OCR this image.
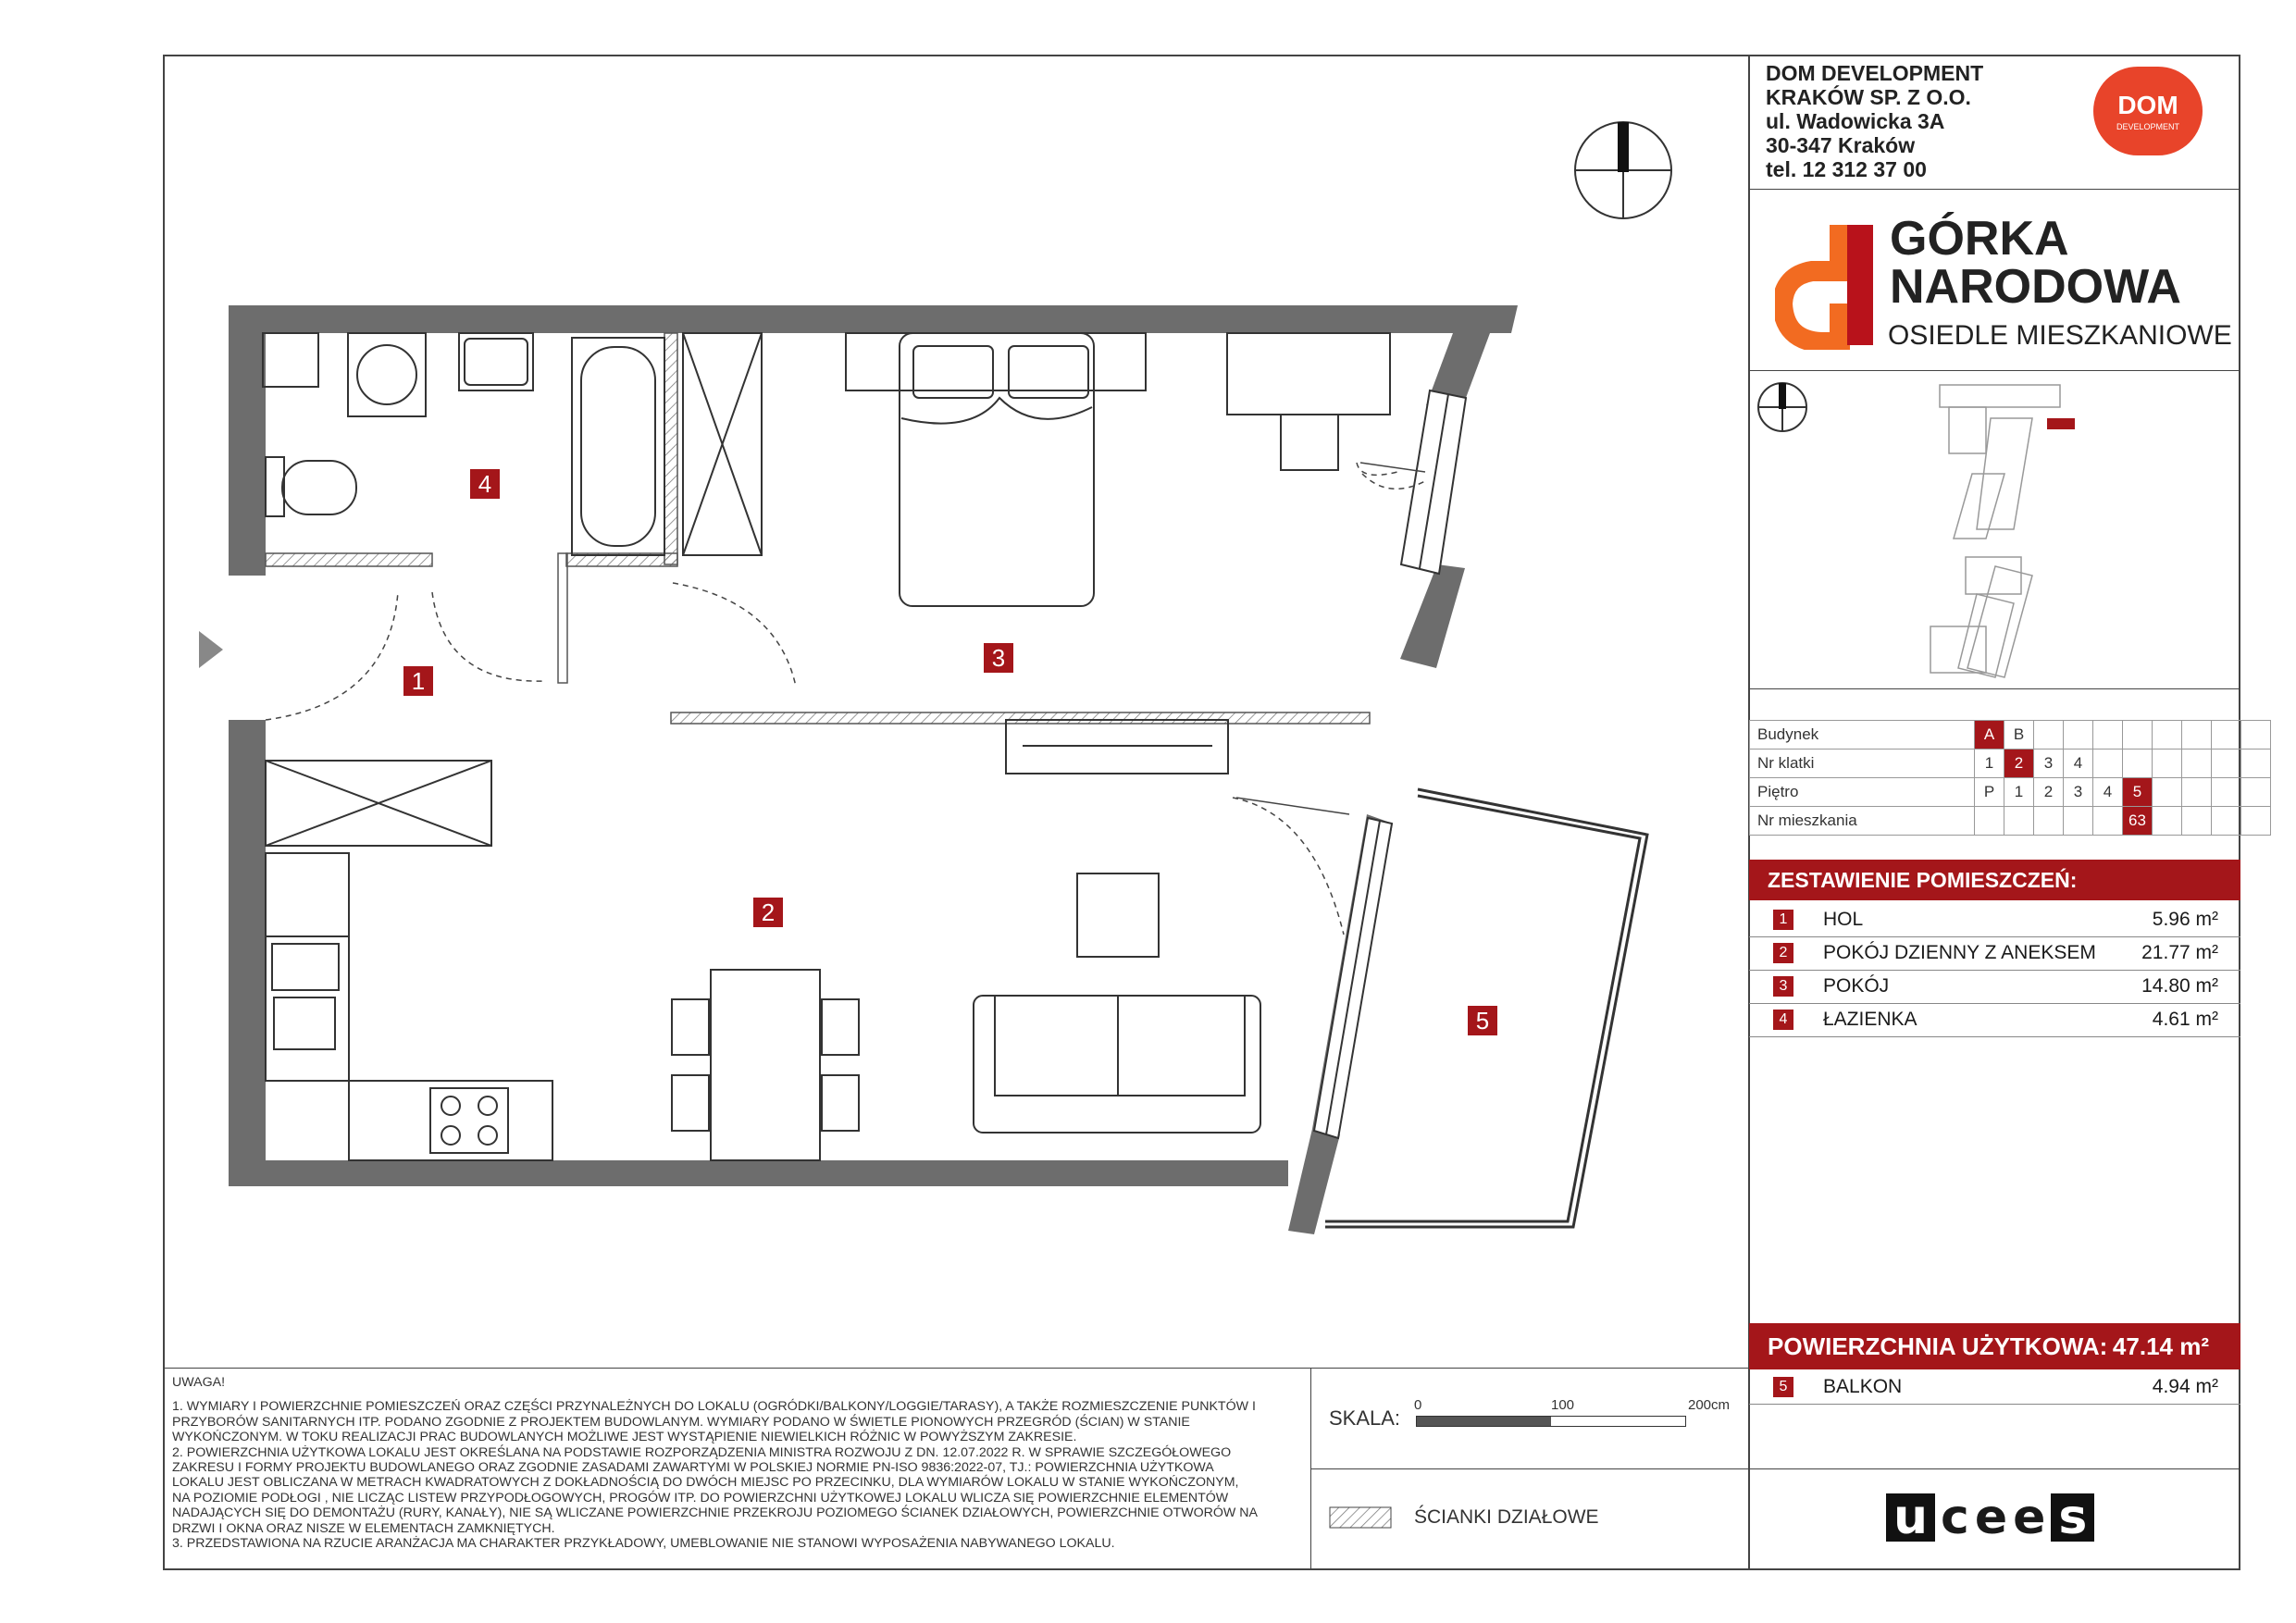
1
2
3
4
5
DOM DEVELOPMENT
KRAKÓW SP. Z O.O.
ul. Wadowicka 3A
30-347 Kraków
tel. 12 312 37 00
DOM
DEVELOPMENT
GÓRKA
NARODOWA
OSIEDLE MIESZKANIOWE
Budynek	A	B								
Nr klatki	1	2	3	4						
Piętro	P	1	2	3	4	5				
Nr mieszkania						63				
ZESTAWIENIE POMIESZCZEŃ:
1	HOL	5.96 m²
2	POKÓJ DZIENNY Z ANEKSEM 21.77 m²
3	POKÓJ	14.80 m²
4	ŁAZIENKA	4.61 m²
POWIERZCHNIA UŻYTKOWA: 47.14 m²
5	BALKON	4.94 m²
u c e e s
UWAGA!
1. WYMIARY I POWIERZCHNIE POMIESZCZEŃ ORAZ CZĘŚCI PRZYNALEŻNYCH DO LOKALU (OGRÓDKI/BALKONY/LOGGIE/TARASY), A TAKŻE ROZMIESZCZENIE PUNKTÓW I
PRZYBORÓW SANITARNYCH ITP. PODANO ZGODNIE Z PROJEKTEM BUDOWLANYM. WYMIARY PODANO W ŚWIETLE PIONOWYCH PRZEGRÓD (ŚCIAN) W STANIE
WYKOŃCZONYM. W TOKU REALIZACJI PRAC BUDOWLANYCH MOŻLIWE JEST WYSTĄPIENIE NIEWIELKICH RÓŻNIC W POWYŻSZYM ZAKRESIE.
2. POWIERZCHNIA UŻYTKOWA LOKALU JEST OKREŚLANA NA PODSTAWIE ROZPORZĄDZENIA MINISTRA ROZWOJU Z DN. 12.07.2022 R. W SPRAWIE SZCZEGÓŁOWEGO
ZAKRESU I FORMY PROJEKTU BUDOWLANEGO ORAZ ZGODNIE ZASADAMI ZAWARTYMI W POLSKIEJ NORMIE PN-ISO 9836:2022-07, TJ.: POWIERZCHNIA UŻYTKOWA
LOKALU JEST OBLICZANA W METRACH KWADRATOWYCH Z DOKŁADNOŚCIĄ DO DWÓCH MIEJSC PO PRZECINKU, DLA WYMIARÓW LOKALU W STANIE WYKOŃCZONYM,
NA POZIOMIE PODŁOGI , NIE LICZĄC LISTEW PRZYPODŁOGOWYCH, PROGÓW ITP. DO POWIERZCHNI UŻYTKOWEJ LOKALU WLICZA SIĘ POWIERZCHNIE ELEMENTÓW
NADAJĄCYCH SIĘ DO DEMONTAŻU (RURY, KANAŁY), NIE SĄ WLICZANE POWIERZCHNIE PRZEKROJU POZIOMEGO ŚCIANEK DZIAŁOWYCH, POWIERZCHNIE OTWORÓW NA
DRZWI I OKNA ORAZ NISZE W ELEMENTACH ZAMKNIĘTYCH.
3. PRZEDSTAWIONA NA RZUCIE ARANŻACJA MA CHARAKTER PRZYKŁADOWY, UMEBLOWANIE NIE STANOWI WYPOSAŻENIA NABYWANEGO LOKALU.
SKALA:
0	100	200cm
ŚCIANKI DZIAŁOWE
